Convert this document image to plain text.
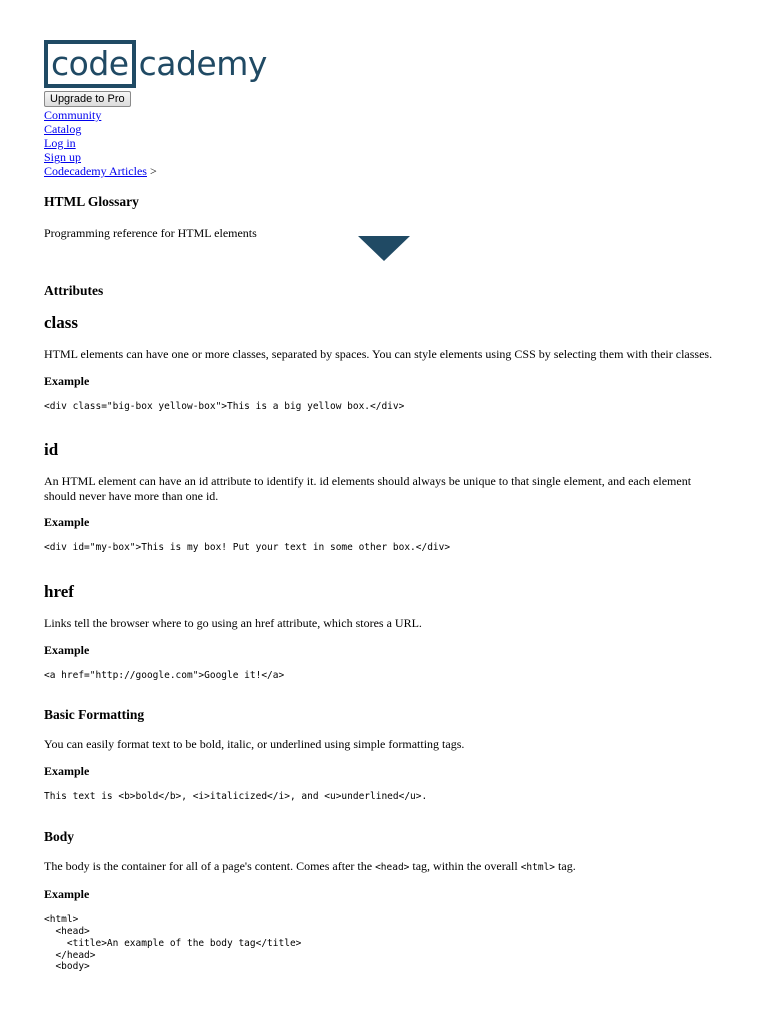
code cademy
Upgrade to Pro
Community
Catalog
Log in
Sign up
Codecademy Articles >
HTML Glossary

Programming reference for HTML elements

Attributes
class

HTML elements can have one or more classes, separated by spaces. You can style elements using CSS by selecting them with their classes.

Example

<div class="big-box yellow-box">This is a big yellow box.</div>
id

An HTML element can have an id attribute to identify it. id elements should always be unique to that single element, and each element should never have more than one id.

Example

<div id="my-box">This is my box! Put your text in some other box.</div>
href

Links tell the browser where to go using an href attribute, which stores a URL.

Example

<a href="http://google.com">Google it!</a>
Basic Formatting

You can easily format text to be bold, italic, or underlined using simple formatting tags.

Example

This text is <b>bold</b>, <i>italicized</i>, and <u>underlined</u>.
Body

The body is the container for all of a page's content. Comes after the <head> tag, within the overall <html> tag.

Example

<html>
<head>
<title>An example of the body tag</title>
</head>
<body>
